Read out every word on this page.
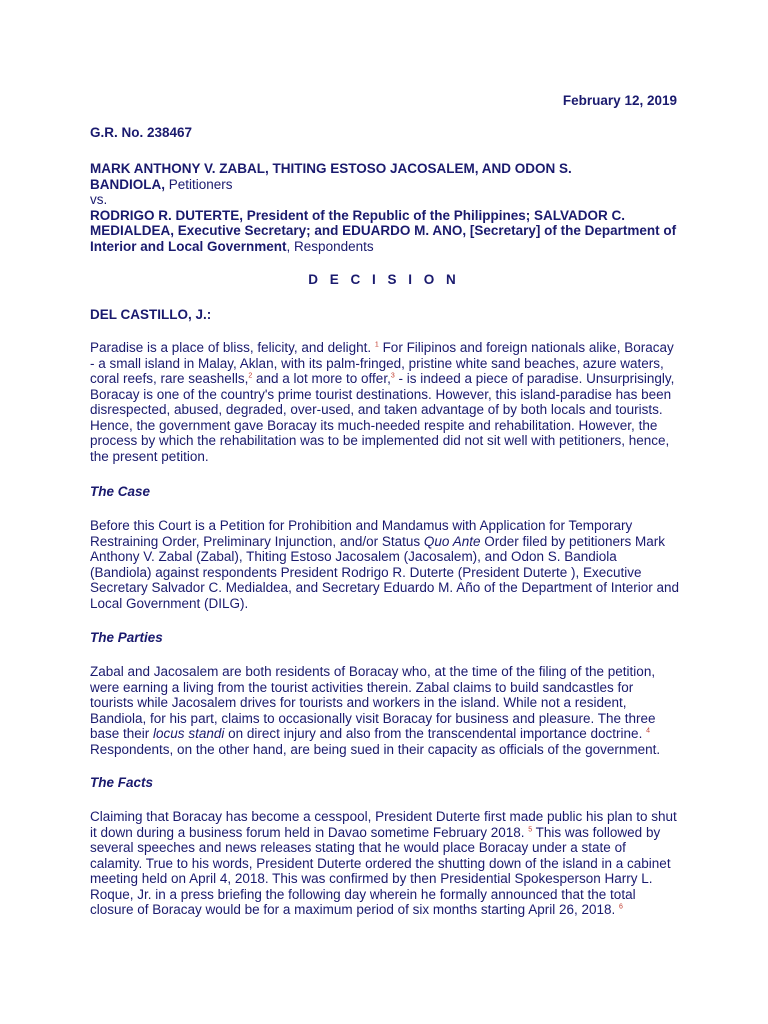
February 12, 2019
G.R. No. 238467
MARK ANTHONY V. ZABAL, THITING ESTOSO JACOSALEM, AND ODON S.
BANDIOLA, Petitioners
vs.
RODRIGO R. DUTERTE, President of the Republic of the Philippines; SALVADOR C. MEDIALDEA, Executive Secretary; and EDUARDO M. ANO, [Secretary] of the Department of Interior and Local Government, Respondents
D E C I S I O N
DEL CASTILLO, J.:

Paradise is a place of bliss, felicity, and delight. $^1$ For Filipinos and foreign nationals alike, Boracay - a small island in Malay, Aklan, with its palm-fringed, pristine white sand beaches, azure waters, coral reefs, rare seashells,$^2$ and a lot more to offer,$^3$ - is indeed a piece of paradise. Unsurprisingly, Boracay is one of the country's prime tourist destinations. However, this island-paradise has been disrespected, abused, degraded, over-used, and taken advantage of by both locals and tourists. Hence, the government gave Boracay its much-needed respite and rehabilitation. However, the process by which the rehabilitation was to be implemented did not sit well with petitioners, hence, the present petition.

The Case

Before this Court is a Petition for Prohibition and Mandamus with Application for Temporary Restraining Order, Preliminary Injunction, and/or Status Quo Ante Order filed by petitioners Mark Anthony V. Zabal (Zabal), Thiting Estoso Jacosalem (Jacosalem), and Odon S. Bandiola (Bandiola) against respondents President Rodrigo R. Duterte (President Duterte ), Executive Secretary Salvador C. Medialdea, and Secretary Eduardo M. Año of the Department of Interior and Local Government (DILG).

The Parties

Zabal and Jacosalem are both residents of Boracay who, at the time of the filing of the petition, were earning a living from the tourist activities therein. Zabal claims to build sandcastles for tourists while Jacosalem drives for tourists and workers in the island. While not a resident, Bandiola, for his part, claims to occasionally visit Boracay for business and pleasure. The three base their locus standi on direct injury and also from the transcendental importance doctrine. $^4$ Respondents, on the other hand, are being sued in their capacity as officials of the government.

The Facts

Claiming that Boracay has become a cesspool, President Duterte first made public his plan to shut it down during a business forum held in Davao sometime February 2018. $^5$ This was followed by several speeches and news releases stating that he would place Boracay under a state of calamity. True to his words, President Duterte ordered the shutting down of the island in a cabinet meeting held on April 4, 2018. This was confirmed by then Presidential Spokesperson Harry L. Roque, Jr. in a press briefing the following day wherein he formally announced that the total closure of Boracay would be for a maximum period of six months starting April 26, 2018. $^6$
